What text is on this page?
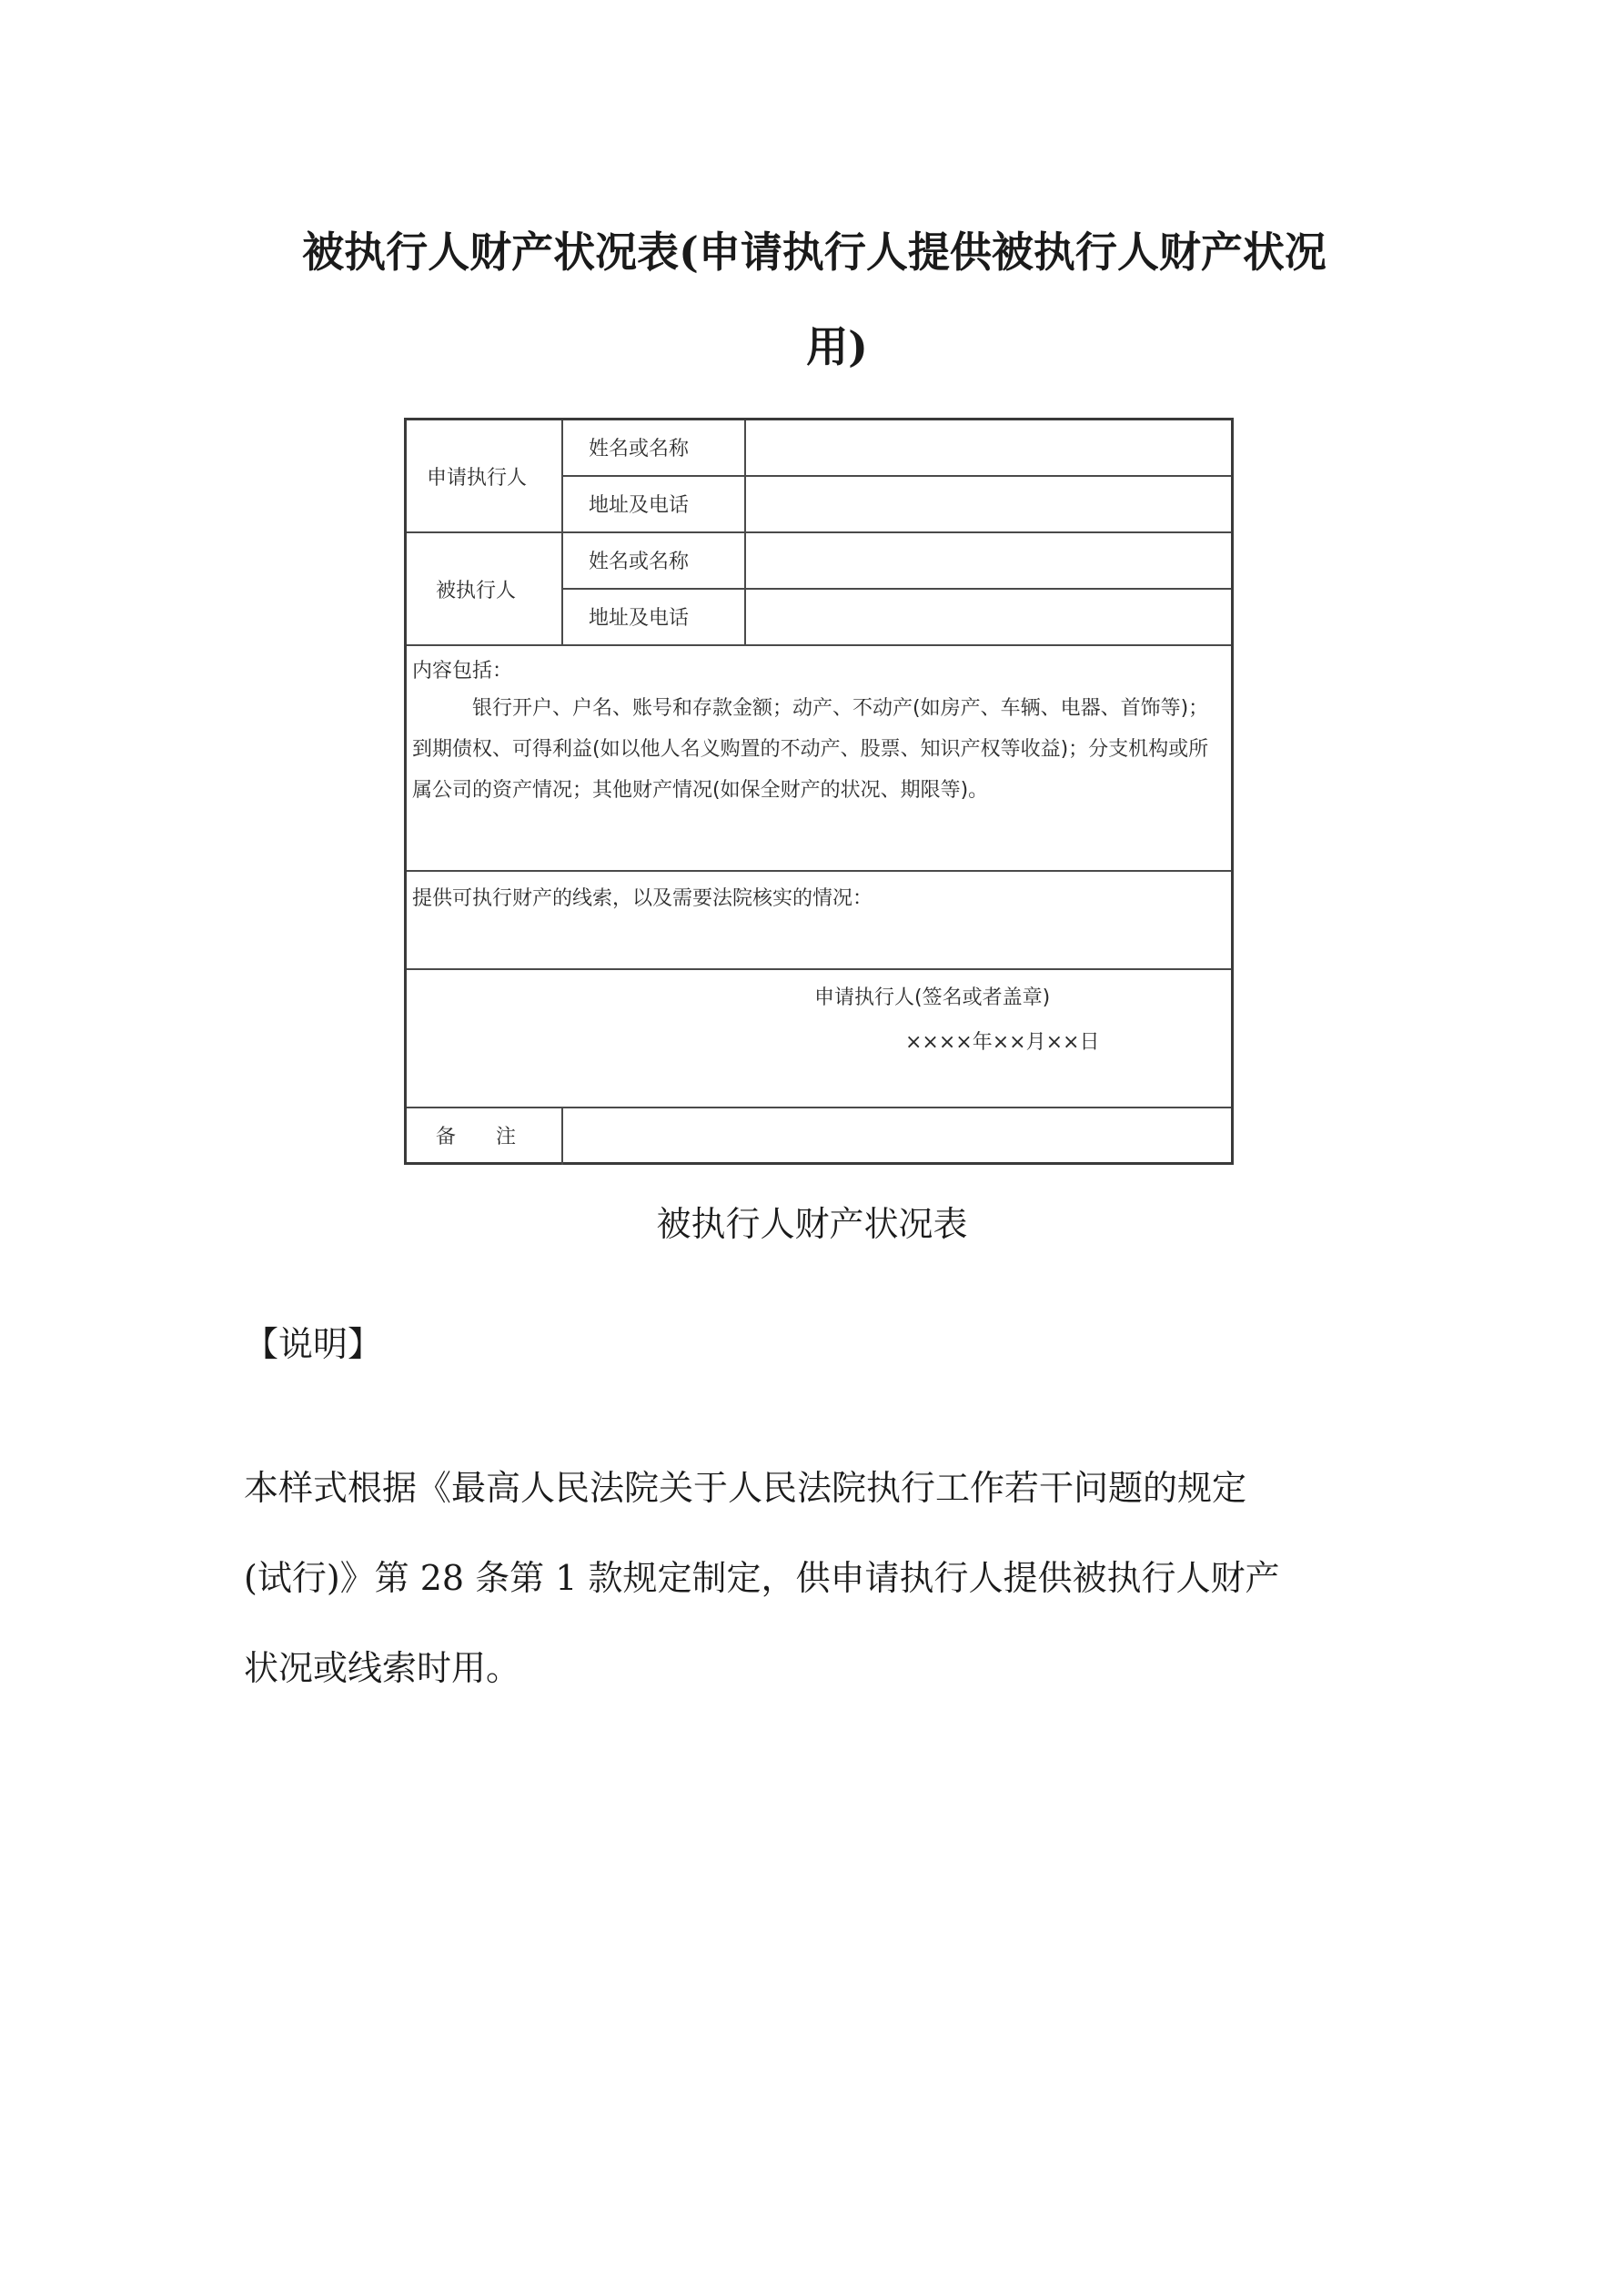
被执行人财产状况表(申请执行人提供被执行人财产状况
用)
申请执行人
姓名或名称
地址及电话
被执行人
姓名或名称
地址及电话
内容包括：
银行开户、户名、账号和存款金额；动产、不动产(如房产、车辆、电器、首饰等)；到期债权、可得利益(如以他人名义购置的不动产、股票、知识产权等收益)；分支机构或所属公司的资产情况；其他财产情况(如保全财产的状况、期限等)。
提供可执行财产的线索，以及需要法院核实的情况：
申请执行人(签名或者盖章)
××××年××月××日
备　　注
被执行人财产状况表
【说明】

本样式根据《最高人民法院关于人民法院执行工作若干问题的规定
(试行)》第 28 条第 1 款规定制定，供申请执行人提供被执行人财产
状况或线索时用。
